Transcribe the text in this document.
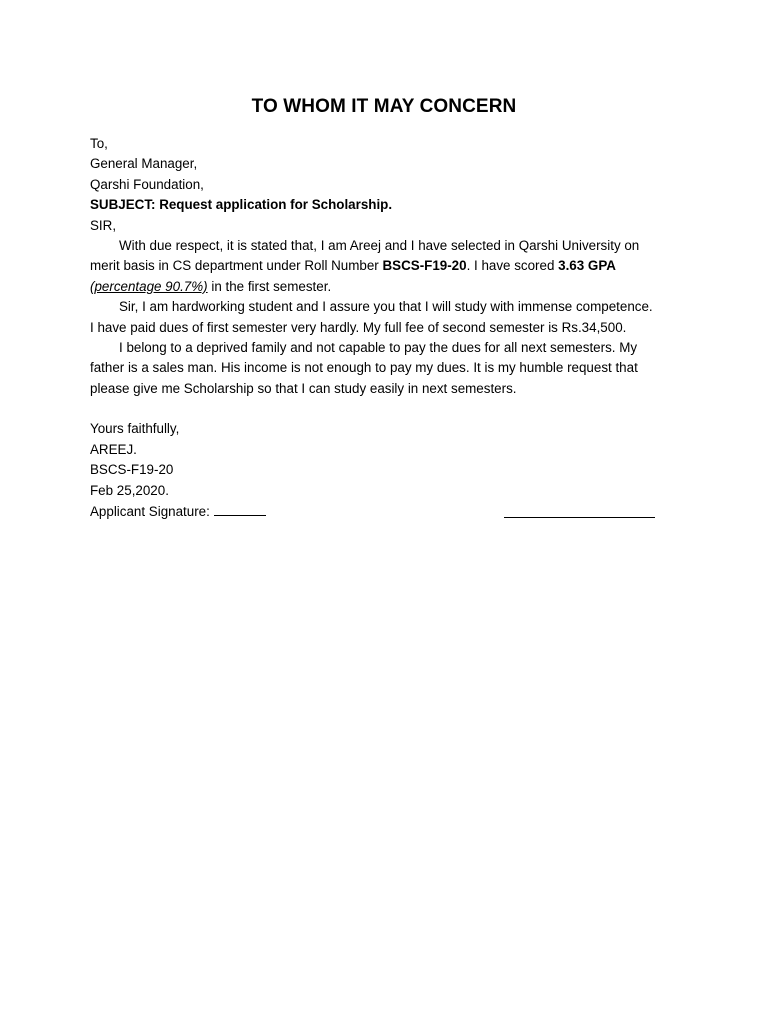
TO WHOM IT MAY CONCERN
To,
General Manager,
Qarshi Foundation,
SUBJECT: Request application for Scholarship.
SIR,
With due respect, it is stated that, I am Areej and I have selected in Qarshi University on
merit basis in CS department under Roll Number BSCS-F19-20. I have scored 3.63 GPA
(percentage 90.7%) in the first semester.
Sir, I am hardworking student and I assure you that I will study with immense competence.
I have paid dues of first semester very hardly. My full fee of second semester is Rs.34,500.
I belong to a deprived family and not capable to pay the dues for all next semesters. My
father is a sales man. His income is not enough to pay my dues. It is my humble request that
please give me Scholarship so that I can study easily in next semesters.
Yours faithfully,
AREEJ.
BSCS-F19-20
Feb 25,2020.
Applicant Signature:
